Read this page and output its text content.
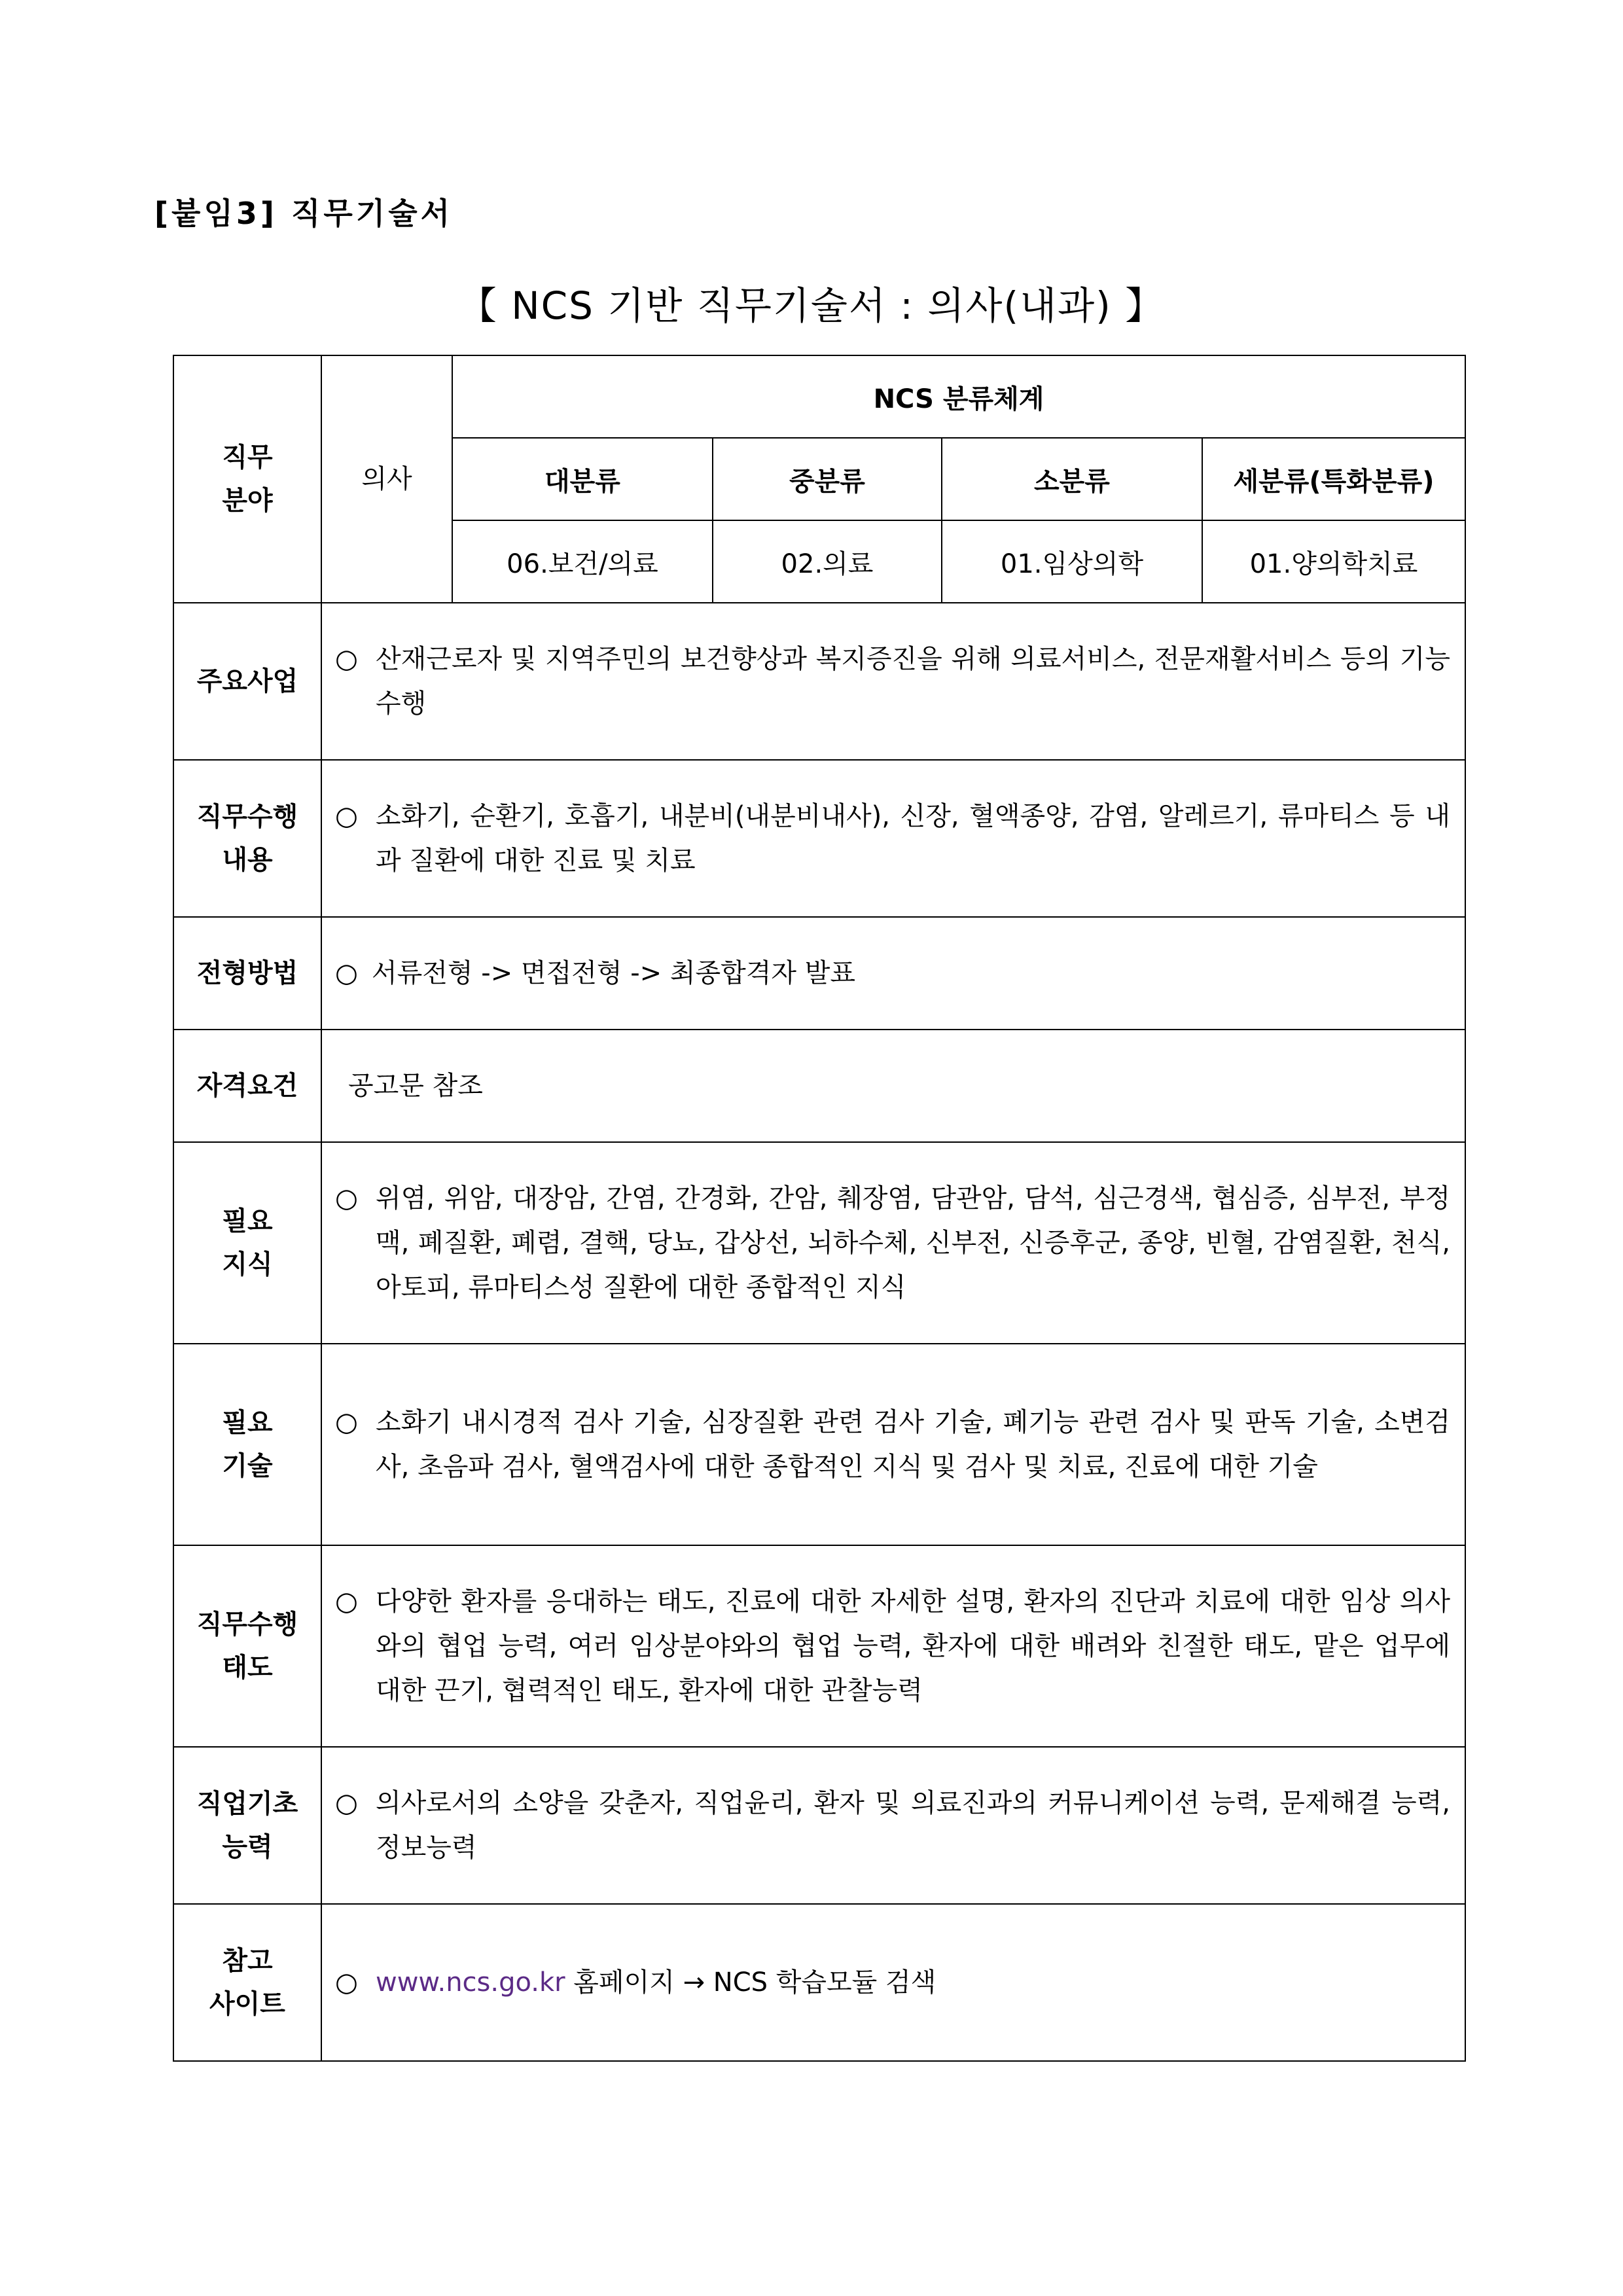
[붙임3] 직무기술서
【 NCS 기반 직무기술서 : 의사(내과) 】
직무
분야	의사	NCS 분류체계			
		대분류	중분류	소분류	세분류(특화분류)
		06.보건/의료	02.의료	01.임상의학	01.양의학치료
주요사업	○ 산재근로자 및 지역주민의 보건향상과 복지증진을 위해 의료서비스, 전문재활서비스 등의 기능 수행				

직무수행
내용	○ 소화기, 순환기, 호흡기, 내분비(내분비내사), 신장, 혈액종양, 감염, 알레르기, 류마티스 등 내과 질환에 대한 진료 및 치료				

전형방법	○ 서류전형 -> 면접전형 -> 최종합격자 발표				

자격요건	공고문 참조				

필요
지식	○ 위염, 위암, 대장암, 간염, 간경화, 간암, 췌장염, 담관암, 담석, 심근경색, 협심증, 심부전, 부정맥, 폐질환, 폐렴, 결핵, 당뇨, 갑상선, 뇌하수체, 신부전, 신증후군, 종양, 빈혈, 감염질환, 천식, 아토피, 류마티스성 질환에 대한 종합적인 지식				

필요
기술	○ 소화기 내시경적 검사 기술, 심장질환 관련 검사 기술, 폐기능 관련 검사 및 판독 기술, 소변검사, 초음파 검사, 혈액검사에 대한 종합적인 지식 및 검사 및 치료, 진료에 대한 기술				

직무수행
태도	○ 다양한 환자를 응대하는 태도, 진료에 대한 자세한 설명, 환자의 진단과 치료에 대한 임상 의사와의 협업 능력, 여러 임상분야와의 협업 능력, 환자에 대한 배려와 친절한 태도, 맡은 업무에 대한 끈기, 협력적인 태도, 환자에 대한 관찰능력				

직업기초
능력	○ 의사로서의 소양을 갖춘자, 직업윤리, 환자 및 의료진과의 커뮤니케이션 능력, 문제해결 능력, 정보능력				

참고
사이트	○ www.ncs.go.kr 홈페이지 → NCS 학습모듈 검색				
